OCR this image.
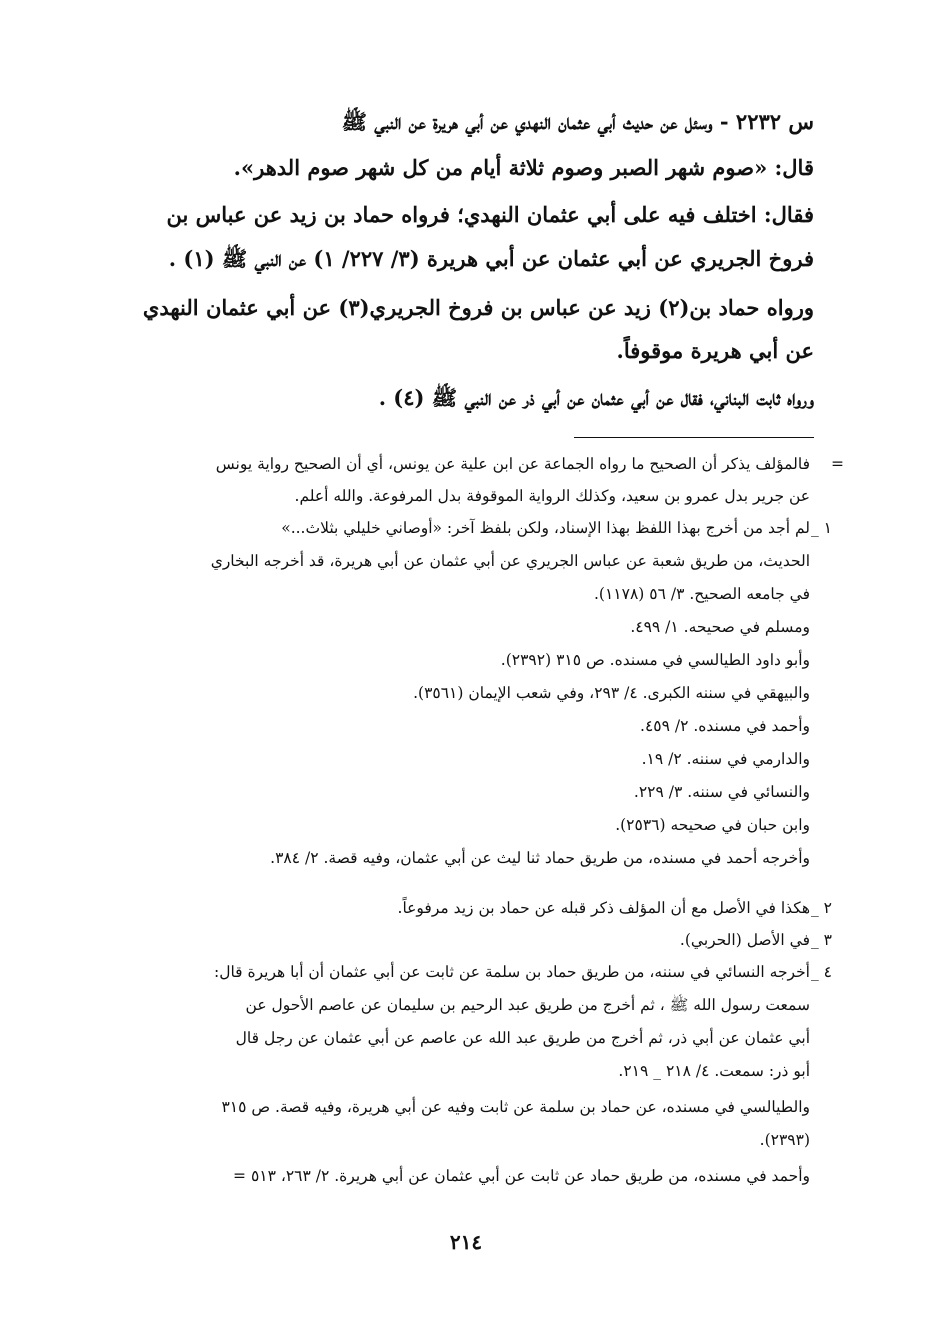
س ٢٢٣٢ - وسئل عن حديث أبي عثمان النهدي عن أبي هريرة عن النبي ﷺ
قال: «صوم شهر الصبر وصوم ثلاثة أيام من كل شهر صوم الدهر».
فقال: اختلف فيه على أبي عثمان النهدي؛ فرواه حماد بن زيد عن عباس بن
فروخ الجريري عن أبي عثمان عن أبي هريرة (٣/ ٢٢٧/ ١) عن النبي ﷺ (١) .
ورواه حماد بن(٢) زيد عن عباس بن فروخ الجريري(٣) عن أبي عثمان النهدي
عن أبي هريرة موقوفاً.
ورواه ثابت البناني، فقال عن أبي عثمان عن أبي ذر عن النبي ﷺ (٤) .
=
فالمؤلف يذكر أن الصحيح ما رواه الجماعة عن ابن علية عن يونس، أي أن الصحيح رواية يونس
عن جرير بدل عمرو بن سعيد، وكذلك الرواية الموقوفة بدل المرفوعة. والله أعلم.
١ _
لم أجد من أخرج بهذا اللفظ بهذا الإسناد، ولكن بلفظ آخر: «أوصاني خليلي بثلاث...»
الحديث، من طريق شعبة عن عباس الجريري عن أبي عثمان عن أبي هريرة، قد أخرجه البخاري
في جامعه الصحيح. ٣/ ٥٦ (١١٧٨).
ومسلم في صحيحه. ١/ ٤٩٩.
وأبو داود الطيالسي في مسنده. ص ٣١٥ (٢٣٩٢).
والبيهقي في سننه الكبرى. ٤/ ٢٩٣، وفي شعب الإيمان (٣٥٦١).
وأحمد في مسنده. ٢/ ٤٥٩.
والدارمي في سننه. ٢/ ١٩.
والنسائي في سننه. ٣/ ٢٢٩.
وابن حبان في صحيحه (٢٥٣٦).
وأخرجه أحمد في مسنده، من طريق حماد ثنا ليث عن أبي عثمان، وفيه قصة. ٢/ ٣٨٤.
٢ _
هكذا في الأصل مع أن المؤلف ذكر قبله عن حماد بن زيد مرفوعاً.
٣ _
في الأصل (الحربي).
٤ _
أخرجه النسائي في سننه، من طريق حماد بن سلمة عن ثابت عن أبي عثمان أن أبا هريرة قال:
سمعت رسول الله ﷺ ، ثم أخرج من طريق عبد الرحيم بن سليمان عن عاصم الأحول عن
أبي عثمان عن أبي ذر، ثم أخرج من طريق عبد الله عن عاصم عن أبي عثمان عن رجل قال
أبو ذر: سمعت. ٤/ ٢١٨ _ ٢١٩.
والطيالسي في مسنده، عن حماد بن سلمة عن ثابت وفيه عن أبي هريرة، وفيه قصة. ص ٣١٥
(٢٣٩٣).
وأحمد في مسنده، من طريق حماد عن ثابت عن أبي عثمان عن أبي هريرة. ٢/ ٢٦٣، ٥١٣ =
٢١٤
